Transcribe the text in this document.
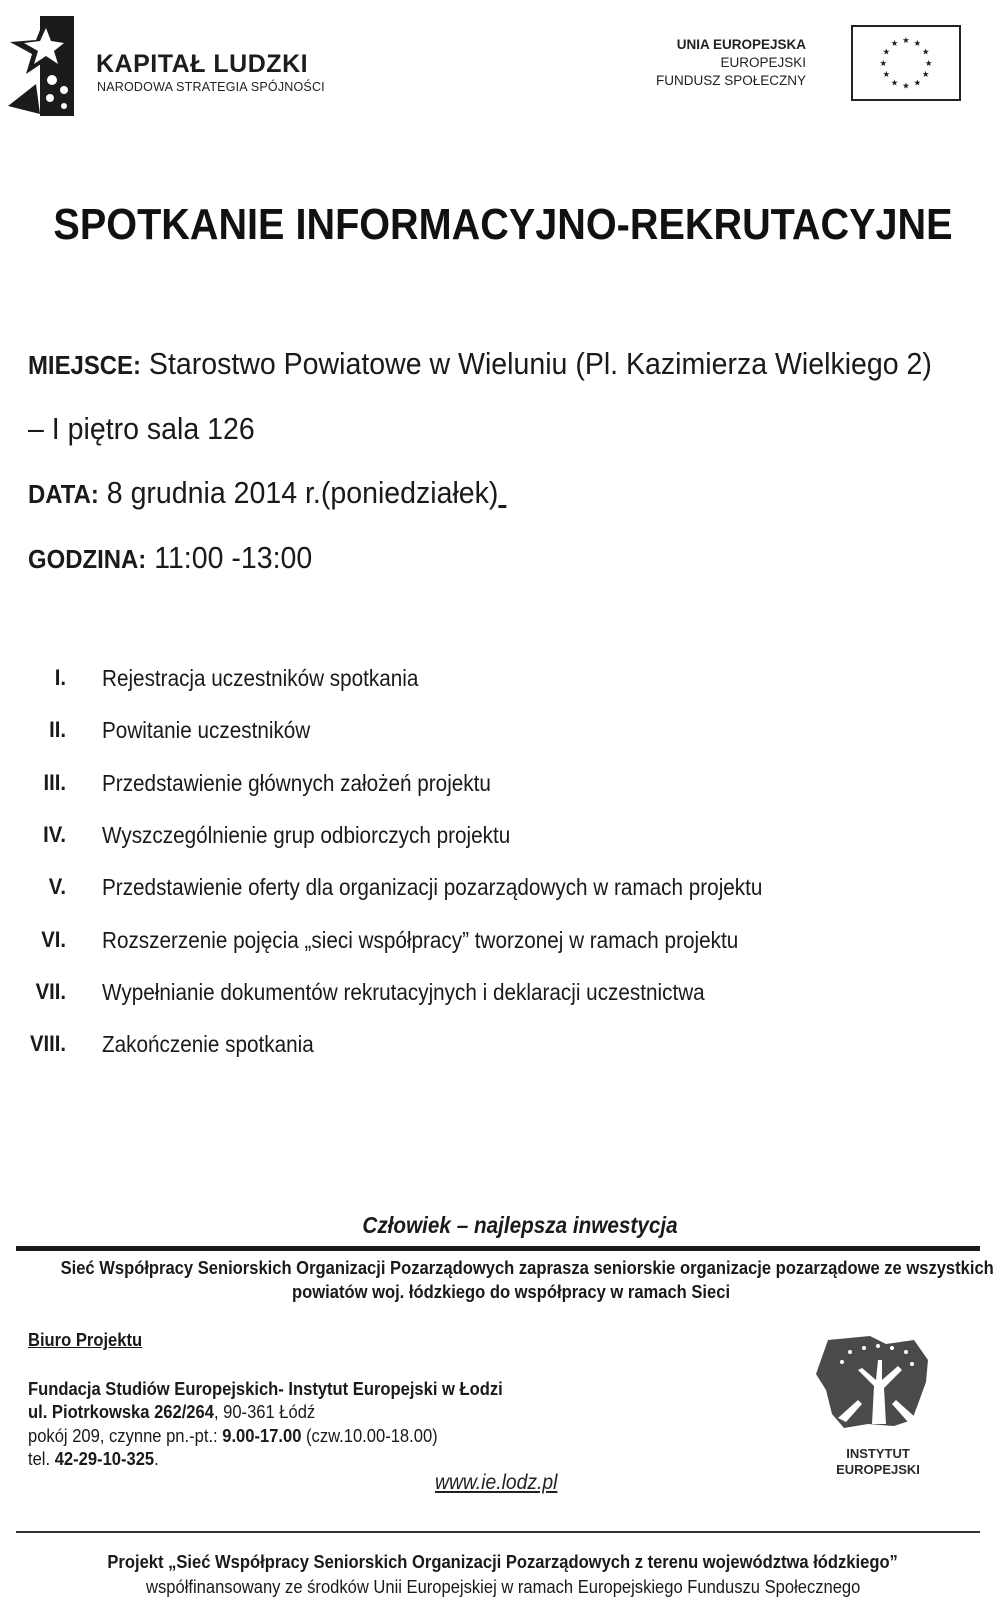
KAPITAŁ LUDZKI
NARODOWA STRATEGIA SPÓJNOŚCI
UNIA EUROPEJSKA
EUROPEJSKI
FUNDUSZ SPOŁECZNY
★ ★
★
★
★
★
★
★
★
★
★
★
SPOTKANIE INFORMACYJNO-REKRUTACYJNE
MIEJSCE: Starostwo Powiatowe w Wieluniu (Pl. Kazimierza Wielkiego 2)
– I piętro sala 126
DATA: 8 grudnia 2014 r.(poniedziałek)
GODZINA: 11:00 -13:00
I. Rejestracja uczestników spotkania
II. Powitanie uczestników
III. Przedstawienie głównych założeń projektu
IV. Wyszczególnienie grup odbiorczych projektu
V. Przedstawienie oferty dla organizacji pozarządowych w ramach projektu
VI. Rozszerzenie pojęcia „sieci współpracy” tworzonej w ramach projektu
VII. Wypełnianie dokumentów rekrutacyjnych i deklaracji uczestnictwa
VIII. Zakończenie spotkania
Człowiek – najlepsza inwestycja
Sieć Współpracy Seniorskich Organizacji Pozarządowych zaprasza seniorskie organizacje pozarządowe ze wszystkich
powiatów woj. łódzkiego do współpracy w ramach Sieci
Biuro Projektu
Fundacja Studiów Europejskich- Instytut Europejski w Łodzi
ul. Piotrkowska 262/264, 90-361 Łódź
pokój 209, czynne pn.-pt.: 9.00-17.00 (czw.10.00-18.00)
tel. 42-29-10-325.
www.ie.lodz.pl
INSTYTUT
EUROPEJSKI
Projekt „Sieć Współpracy Seniorskich Organizacji Pozarządowych z terenu województwa łódzkiego”
współfinansowany ze środków Unii Europejskiej w ramach Europejskiego Funduszu Społecznego
